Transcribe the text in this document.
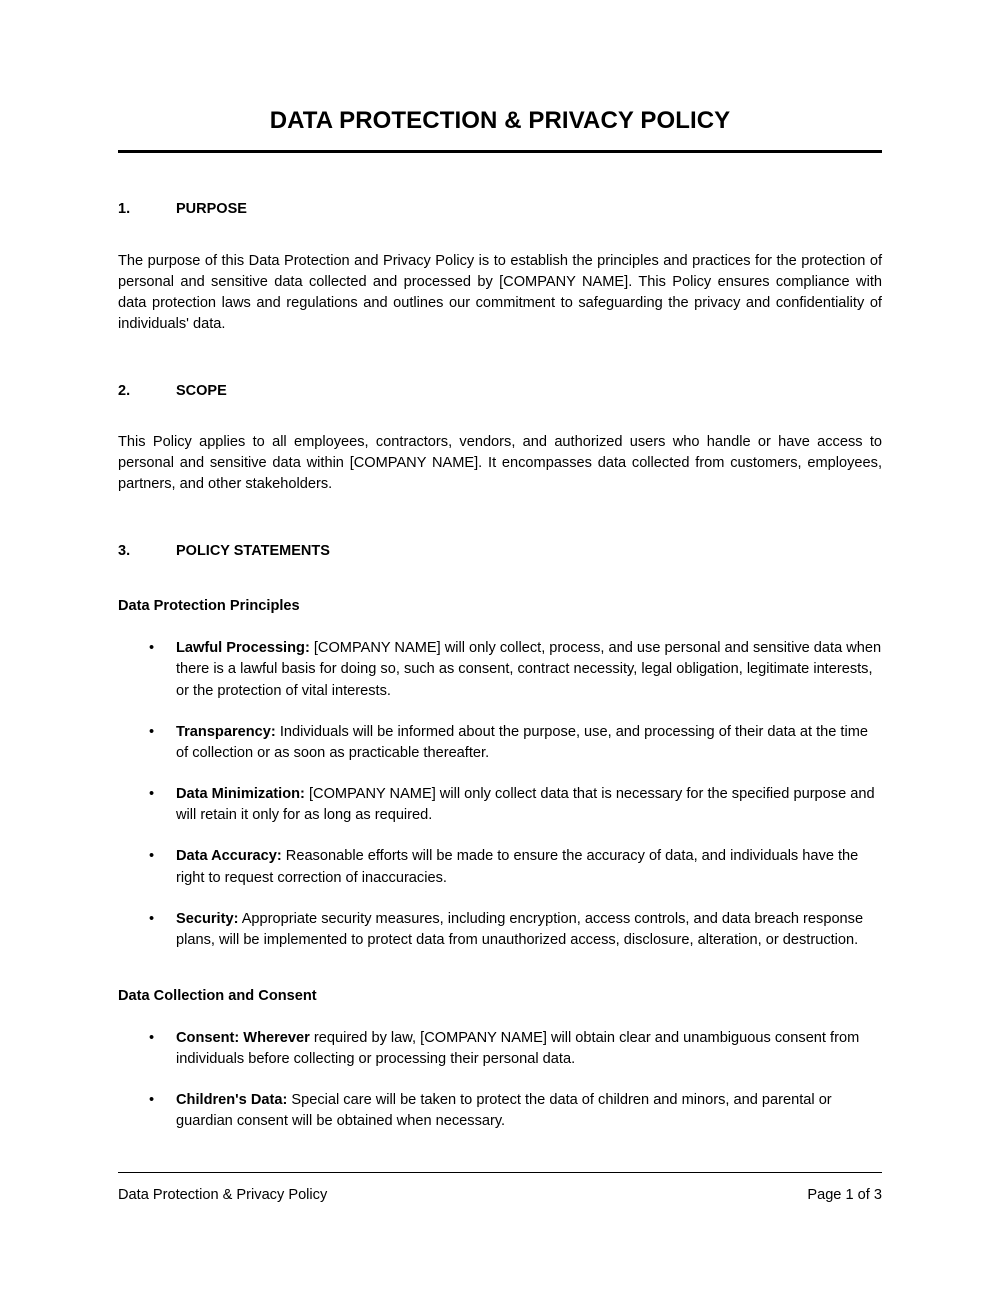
DATA PROTECTION & PRIVACY POLICY
1.	PURPOSE

The purpose of this Data Protection and Privacy Policy is to establish the principles and practices for the protection of personal and sensitive data collected and processed by [COMPANY NAME]. This Policy ensures compliance with data protection laws and regulations and outlines our commitment to safeguarding the privacy and confidentiality of individuals' data.

2.	SCOPE

This Policy applies to all employees, contractors, vendors, and authorized users who handle or have access to personal and sensitive data within [COMPANY NAME]. It encompasses data collected from customers, employees, partners, and other stakeholders.

3.	POLICY STATEMENTS
Data Protection Principles
• Lawful Processing: [COMPANY NAME] will only collect, process, and use personal and sensitive data when there is a lawful basis for doing so, such as consent, contract necessity, legal obligation, legitimate interests, or the protection of vital interests.
• Transparency: Individuals will be informed about the purpose, use, and processing of their data at the time of collection or as soon as practicable thereafter.
• Data Minimization: [COMPANY NAME] will only collect data that is necessary for the specified purpose and will retain it only for as long as required.
• Data Accuracy: Reasonable efforts will be made to ensure the accuracy of data, and individuals have the right to request correction of inaccuracies.
• Security: Appropriate security measures, including encryption, access controls, and data breach response plans, will be implemented to protect data from unauthorized access, disclosure, alteration, or destruction.
Data Collection and Consent
• Consent: Wherever required by law, [COMPANY NAME] will obtain clear and unambiguous consent from individuals before collecting or processing their personal data.
• Children's Data: Special care will be taken to protect the data of children and minors, and parental or guardian consent will be obtained when necessary.
Data Protection & Privacy Policy	Page 1 of 3
